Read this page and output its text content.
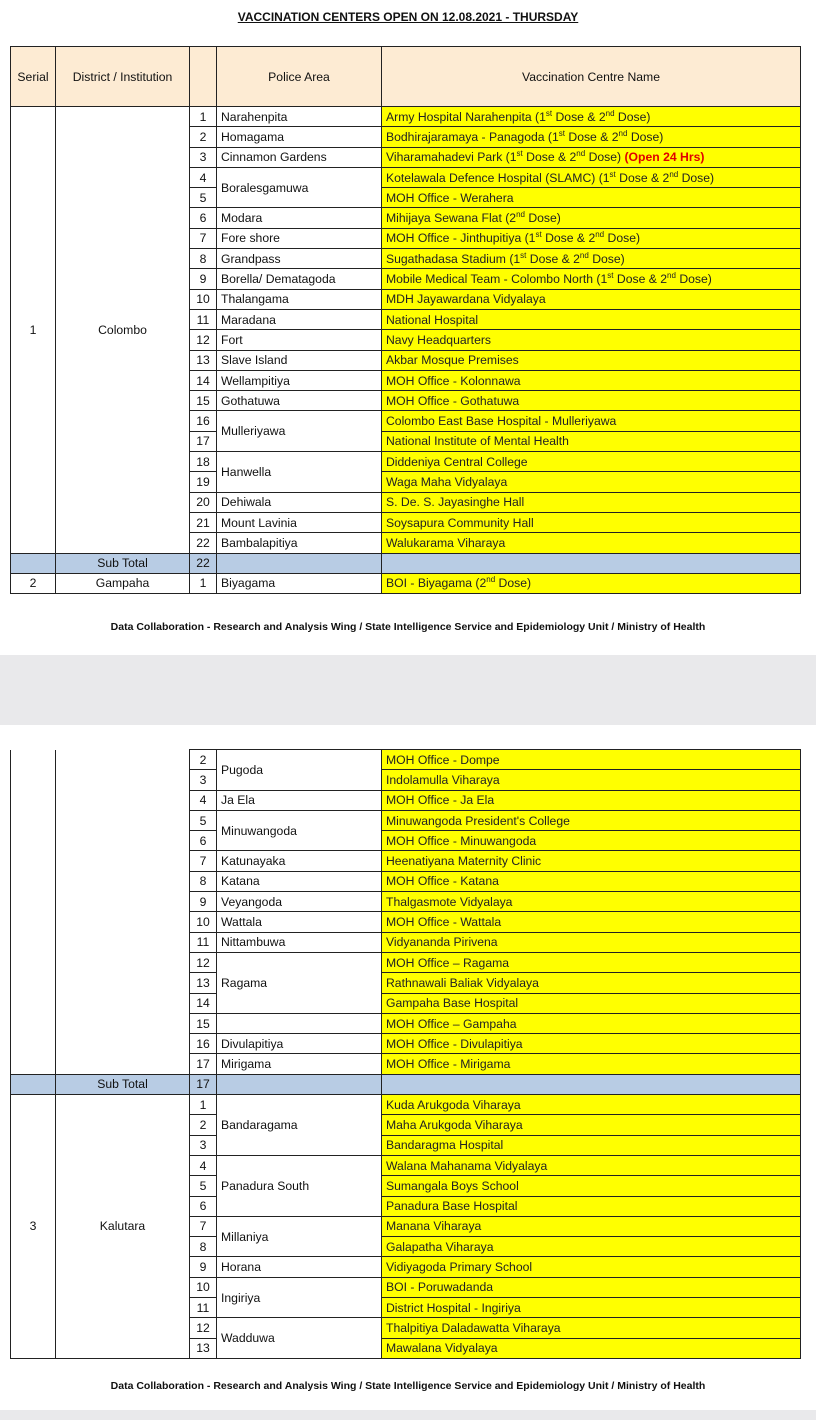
VACCINATION CENTERS OPEN ON 12.08.2021 - THURSDAY
Serial	District / Institution		Police Area	Vaccination Centre Name
1	Colombo	1	Narahenpita	Army Hospital Narahenpita (1st Dose & 2nd Dose)
		2	Homagama	Bodhirajaramaya - Panagoda (1st Dose & 2nd Dose)
		3	Cinnamon Gardens	Viharamahadevi Park (1st Dose & 2nd Dose) (Open 24 Hrs)
		4	Boralesgamuwa	Kotelawala Defence Hospital (SLAMC) (1st Dose & 2nd Dose)
		5		MOH Office - Werahera
		6	Modara	Mihijaya Sewana Flat (2nd Dose)
		7	Fore shore	MOH Office - Jinthupitiya (1st Dose & 2nd Dose)
		8	Grandpass	Sugathadasa Stadium (1st Dose & 2nd Dose)
		9	Borella/ Dematagoda	Mobile Medical Team - Colombo North (1st Dose & 2nd Dose)
		10	Thalangama	MDH Jayawardana Vidyalaya
		11	Maradana	National Hospital
		12	Fort	Navy Headquarters
		13	Slave Island	Akbar Mosque Premises
		14	Wellampitiya	MOH Office - Kolonnawa
		15	Gothatuwa	MOH Office - Gothatuwa
		16	Mulleriyawa	Colombo East Base Hospital - Mulleriyawa
		17		National Institute of Mental Health
		18	Hanwella	Diddeniya Central College
		19		Waga Maha Vidyalaya
		20	Dehiwala	S. De. S. Jayasinghe Hall
		21	Mount Lavinia	Soysapura Community Hall
		22	Bambalapitiya	Walukarama Viharaya
	Sub Total	22		
2	Gampaha	1	Biyagama	BOI - Biyagama (2nd Dose)
Data Collaboration - Research and Analysis Wing / State Intelligence Service and Epidemiology Unit / Ministry of Health
		2	Pugoda	MOH Office - Dompe
		3		Indolamulla Viharaya
		4	Ja Ela	MOH Office - Ja Ela
		5	Minuwangoda	Minuwangoda President's College
		6		MOH Office - Minuwangoda
		7	Katunayaka	Heenatiyana Maternity Clinic
		8	Katana	MOH Office - Katana
		9	Veyangoda	Thalgasmote Vidyalaya
		10	Wattala	MOH Office - Wattala
		11	Nittambuwa	Vidyananda Pirivena
		12	Ragama	MOH Office – Ragama
		13		Rathnawali Baliak Vidyalaya
		14		Gampaha Base Hospital
		15		MOH Office – Gampaha
		16	Divulapitiya	MOH Office - Divulapitiya
		17	Mirigama	MOH Office - Mirigama
	Sub Total	17		
3	Kalutara	1	Bandaragama	Kuda Arukgoda Viharaya
		2		Maha Arukgoda Viharaya
		3		Bandaragma Hospital
		4	Panadura South	Walana Mahanama Vidyalaya
		5		Sumangala Boys School
		6		Panadura Base Hospital
		7	Millaniya	Manana Viharaya
		8		Galapatha Viharaya
		9	Horana	Vidiyagoda Primary School
		10	Ingiriya	BOI - Poruwadanda
		11		District Hospital - Ingiriya
		12	Wadduwa	Thalpitiya Daladawatta Viharaya
		13		Mawalana Vidyalaya
Data Collaboration - Research and Analysis Wing / State Intelligence Service and Epidemiology Unit / Ministry of Health
